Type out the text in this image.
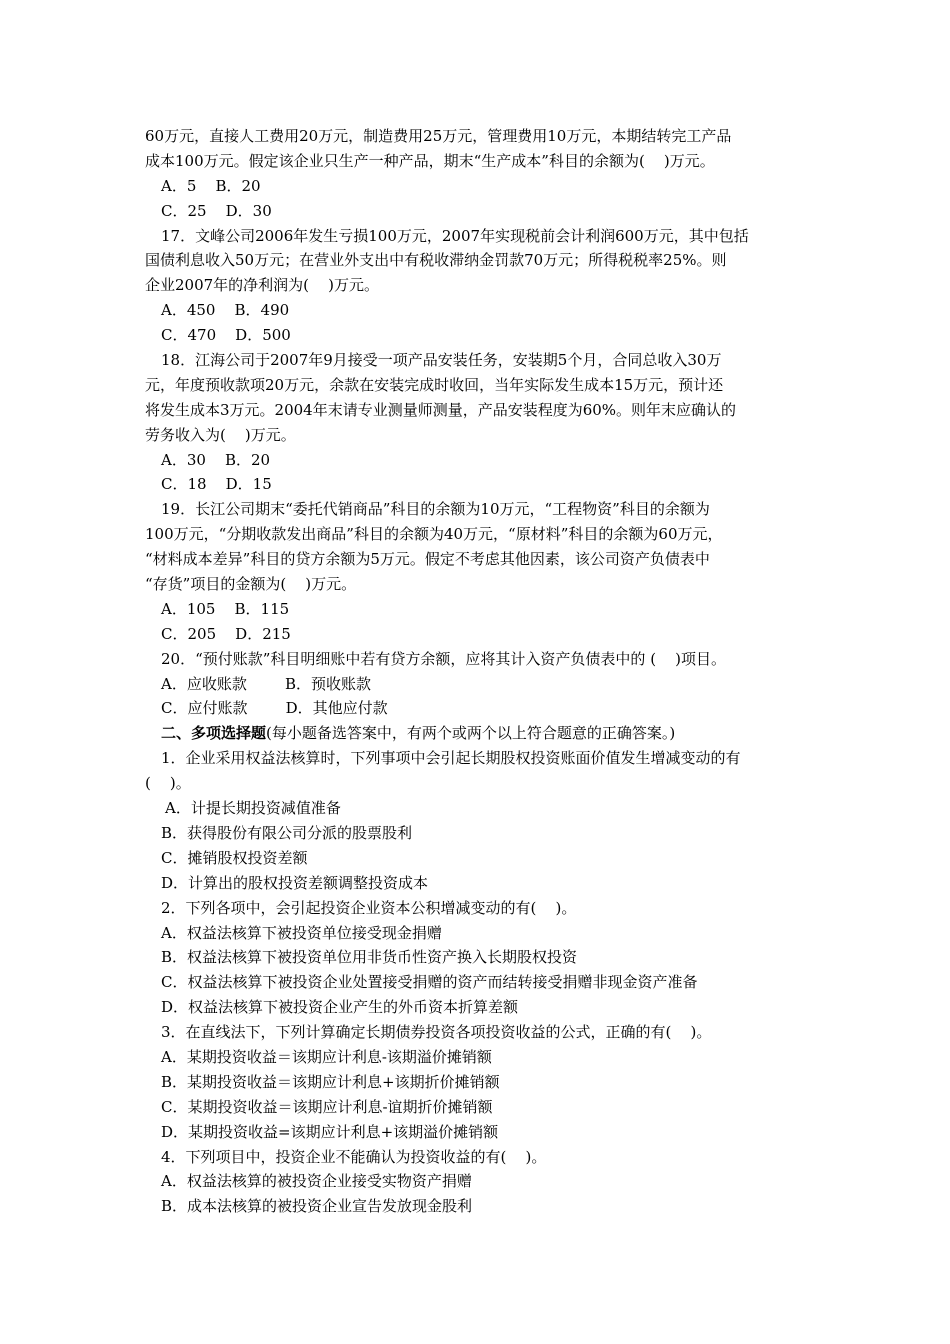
60万元，直接人工费用20万元，制造费用25万元，管理费用10万元，本期结转完工产品
成本100万元。假定该企业只生产一种产品，期末“生产成本”科目的余额为(    )万元。
A．5    B．20
C．25    D．30
17．文峰公司2006年发生亏损100万元，2007年实现税前会计利润600万元，其中包括
国债利息收入50万元；在营业外支出中有税收滞纳金罚款70万元；所得税税率25%。则
企业2007年的净利润为(    )万元。
A．450    B．490
C．470    D．500
18．江海公司于2007年9月接受一项产品安装任务，安装期5个月，合同总收入30万
元，年度预收款项20万元，余款在安装完成时收回，当年实际发生成本15万元，预计还
将发生成本3万元。2004年末请专业测量师测量，产品安装程度为60%。则年末应确认的
劳务收入为(    )万元。
A．30    B．20
C．18    D．15
19．长江公司期末“委托代销商品”科目的余额为10万元，“工程物资”科目的余额为
100万元，“分期收款发出商品”科目的余额为40万元，“原材料”科目的余额为60万元，
“材料成本差异”科目的贷方余额为5万元。假定不考虑其他因素，该公司资产负债表中
“存货”项目的金额为(    )万元。
A．105    B．115
C．205    D．215
20．“预付账款”科目明细账中若有贷方余额，应将其计入资产负债表中的 (    )项目。
A．应收账款        B．预收账款
C．应付账款        D．其他应付款
二、多项选择题(每小题备选答案中，有两个或两个以上符合题意的正确答案。)
1．企业采用权益法核算时，下列事项中会引起长期股权投资账面价值发生增减变动的有
(    )。
A．计提长期投资减值准备
B．获得股份有限公司分派的股票股利
C．摊销股权投资差额
D．计算出的股权投资差额调整投资成本
2．下列各项中，会引起投资企业资本公积增减变动的有(    )。
A．权益法核算下被投资单位接受现金捐赠
B．权益法核算下被投资单位用非货币性资产换入长期股权投资
C．权益法核算下被投资企业处置接受捐赠的资产而结转接受捐赠非现金资产准备
D．权益法核算下被投资企业产生的外币资本折算差额
3．在直线法下，下列计算确定长期债券投资各项投资收益的公式，正确的有(    )。
A．某期投资收益＝该期应计利息-该期溢价摊销额
B．某期投资收益＝该期应计利息+该期折价摊销额
C．某期投资收益＝该期应计利息-谊期折价摊销额
D．某期投资收益=该期应计利息+该期溢价摊销额
4．下列项目中，投资企业不能确认为投资收益的有(    )。
A．权益法核算的被投资企业接受实物资产捐赠
B．成本法核算的被投资企业宣告发放现金股利
